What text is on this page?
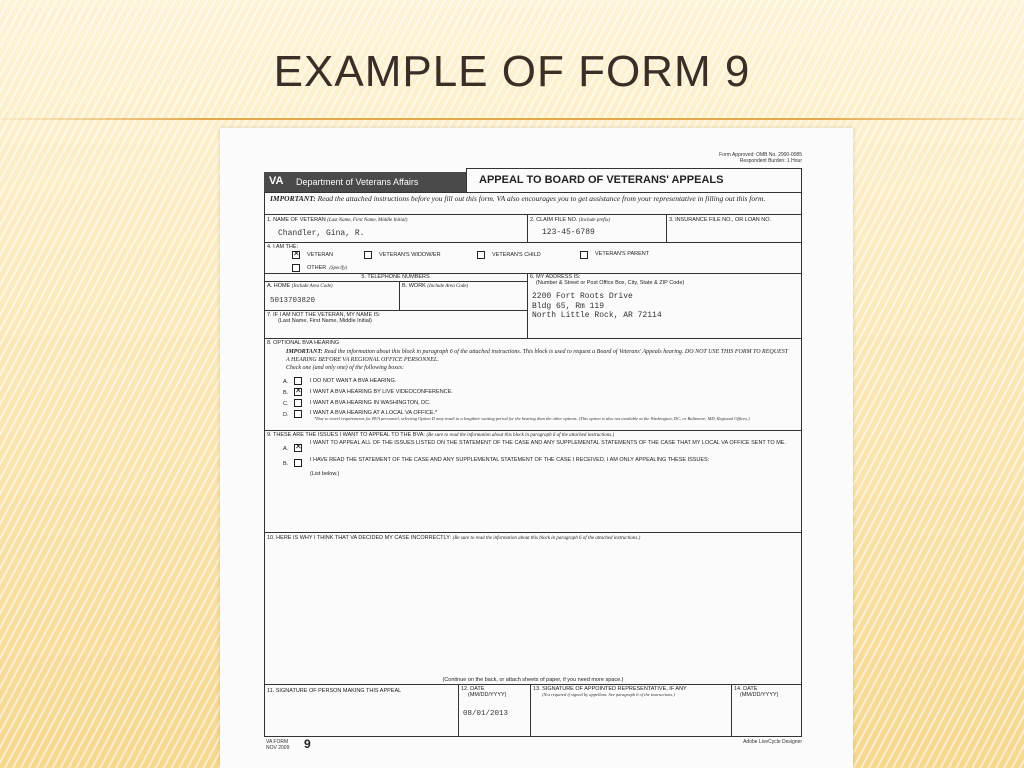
EXAMPLE OF FORM 9
Form Approved: OMB No. 2900-0085
Respondent Burden: 1 Hour
VA Department of Veterans Affairs	APPEAL TO BOARD OF VETERANS' APPEALS
IMPORTANT: Read the attached instructions before you fill out this form. VA also encourages you to get assistance from your representative in filling out this form.
1. NAME OF VETERAN (Last Name, First Name, Middle Initial)
Chandler, Gina, R.
2. CLAIM FILE NO. (Include prefix)
123-45-6789
3. INSURANCE FILE NO., OR LOAN NO.
4. I AM THE:
✕
VETERAN	VETERAN'S WIDOW/ER	VETERAN'S CHILD	VETERAN'S PARENT
OTHER (Specify)
5. TELEPHONE NUMBERS
A. HOME (Include Area Code)
5013703820
B. WORK (Include Area Code)
6. MY ADDRESS IS:
(Number & Street or Post Office Box, City, State & ZIP Code)
2200 Fort Roots Drive
Bldg 65, Rm 119
North Little Rock, AR 72114
7. IF I AM NOT THE VETERAN, MY NAME IS:
(Last Name, First Name, Middle Initial)
8. OPTIONAL BVA HEARING
IMPORTANT: Read the information about this block in paragraph 6 of the attached instructions. This block is used to request a Board of Veterans' Appeals hearing. DO NOT USE THIS FORM TO REQUEST A HEARING BEFORE VA REGIONAL OFFICE PERSONNEL.
Check one (and only one) of the following boxes:
A.	I DO NOT WANT A BVA HEARING.
B.
✕	I WANT A BVA HEARING BY LIVE VIDEOCONFERENCE.
C.	I WANT A BVA HEARING IN WASHINGTON, DC.
D.	I WANT A BVA HEARING AT A LOCAL VA OFFICE.*
*Due to travel requirements for BVA personnel, selecting Option D may result in a lengthier waiting period for the hearing than the other options. (This option is also not available at the Washington, DC, or Baltimore, MD, Regional Offices.)
9. THESE ARE THE ISSUES I WANT TO APPEAL TO THE BVA: (Be sure to read the information about this block in paragraph 6 of the attached instructions.)
A.
✕
I WANT TO APPEAL ALL OF THE ISSUES LISTED ON THE STATEMENT OF THE CASE AND ANY SUPPLEMENTAL STATEMENTS OF THE CASE THAT MY LOCAL VA OFFICE SENT TO ME.
B.
I HAVE READ THE STATEMENT OF THE CASE AND ANY SUPPLEMENTAL STATEMENT OF THE CASE I RECEIVED. I AM ONLY APPEALING THESE ISSUES:
(List below.)
10. HERE IS WHY I THINK THAT VA DECIDED MY CASE INCORRECTLY: (Be sure to read the information about this block in paragraph 6 of the attached instructions.)
(Continue on the back, or attach sheets of paper, if you need more space.)
11. SIGNATURE OF PERSON MAKING THIS APPEAL	12. DATE
(MM/DD/YYYY)
08/01/2013
13. SIGNATURE OF APPOINTED REPRESENTATIVE, IF ANY
(Not required if signed by appellant. See paragraph 6 of the instructions.)
14. DATE
(MM/DD/YYYY)
VA FORM
NOV 2009 9	Adobe LiveCycle Designer
